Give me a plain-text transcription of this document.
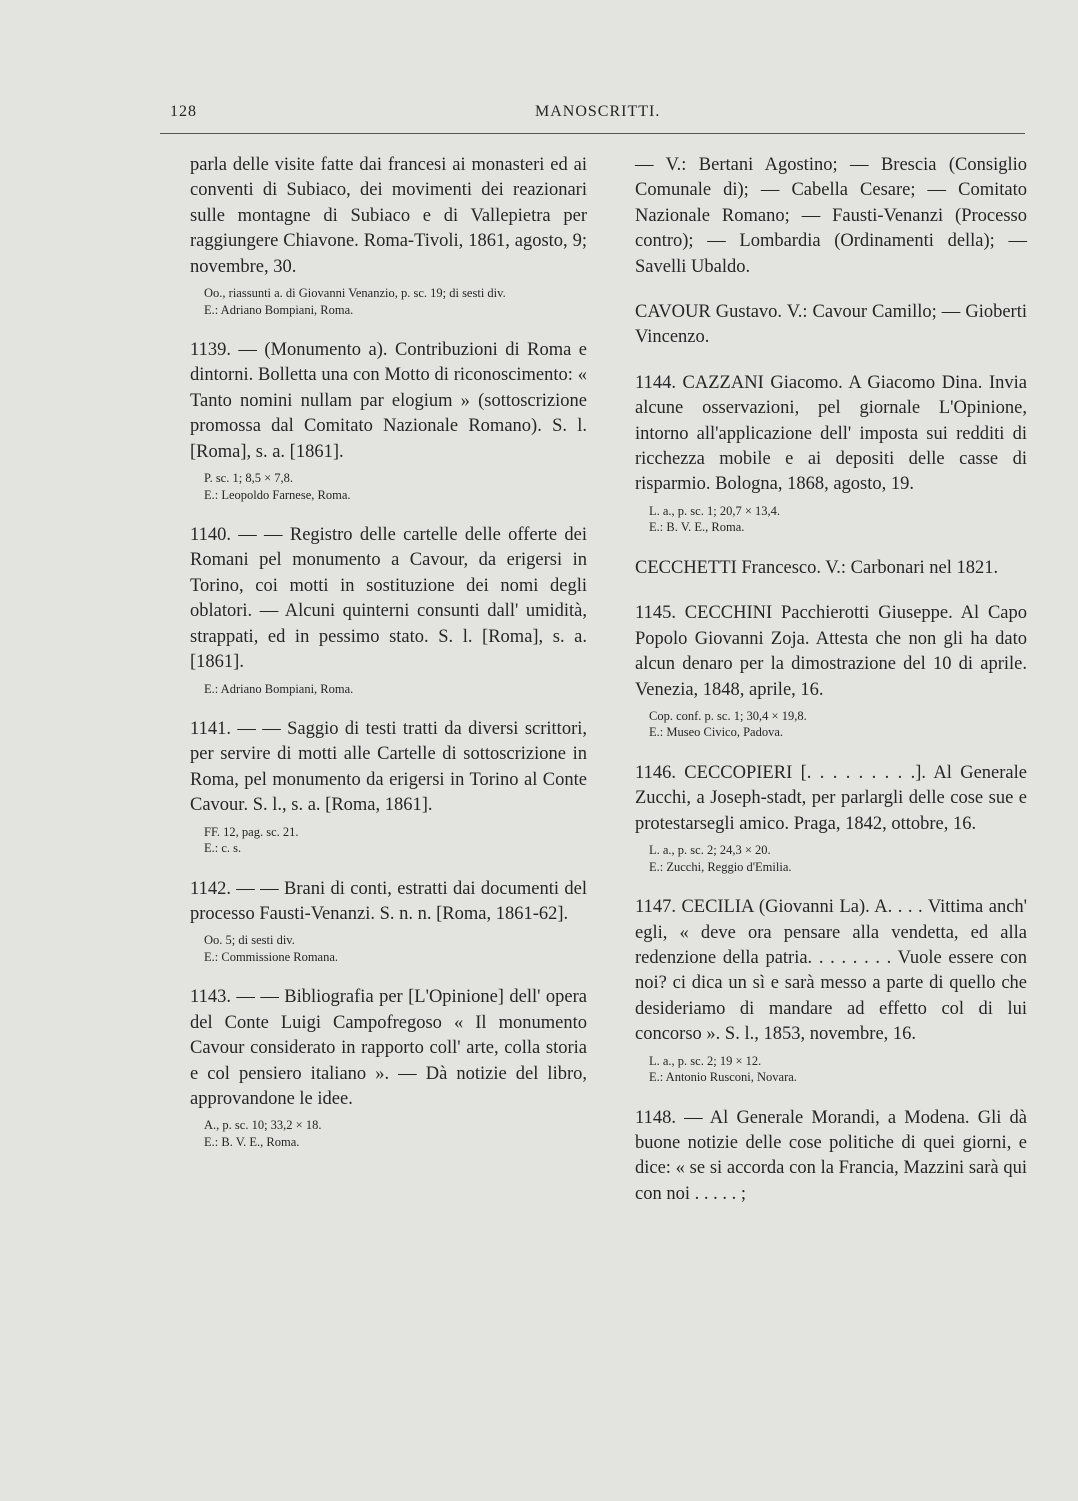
128	MANOSCRITTI.

parla delle visite fatte dai francesi ai monasteri ed ai conventi di Subiaco, dei movimenti dei reazionari sulle montagne di Subiaco e di Vallepietra per raggiungere Chiavone. Roma-Tivoli, 1861, agosto, 9; novembre, 30.

Oo., riassunti a. di Giovanni Venanzio, p. sc. 19; di sesti div.
E.: Adriano Bompiani, Roma.

1139. — (Monumento a). Contribuzioni di Roma e dintorni. Bolletta una con Motto di riconoscimento: « Tanto nomini nullam par elogium » (sottoscrizione promossa dal Comitato Nazionale Romano). S. l. [Roma], s. a. [1861].

P. sc. 1; 8,5 × 7,8.
E.: Leopoldo Farnese, Roma.

1140. — — Registro delle cartelle delle offerte dei Romani pel monumento a Cavour, da erigersi in Torino, coi motti in sostituzione dei nomi degli oblatori. — Alcuni quinterni consunti dall' umidità, strappati, ed in pessimo stato. S. l. [Roma], s. a. [1861].

E.: Adriano Bompiani, Roma.

1141. — — Saggio di testi tratti da diversi scrittori, per servire di motti alle Cartelle di sottoscrizione in Roma, pel monumento da erigersi in Torino al Conte Cavour. S. l., s. a. [Roma, 1861].

FF. 12, pag. sc. 21.
E.: c. s.

1142. — — Brani di conti, estratti dai documenti del processo Fausti-Venanzi. S. n. n. [Roma, 1861-62].

Oo. 5; di sesti div.
E.: Commissione Romana.

1143. — — Bibliografia per [L'Opinione] dell' opera del Conte Luigi Campofregoso « Il monumento Cavour considerato in rapporto coll' arte, colla storia e col pensiero italiano ». — Dà notizie del libro, approvandone le idee.

A., p. sc. 10; 33,2 × 18.
E.: B. V. E., Roma.

— V.: Bertani Agostino; — Brescia (Consiglio Comunale di); — Cabella Cesare; — Comitato Nazionale Romano; — Fausti-Venanzi (Processo contro); — Lombardia (Ordinamenti della); — Savelli Ubaldo.

CAVOUR Gustavo. V.: Cavour Camillo; — Gioberti Vincenzo.

1144. CAZZANI Giacomo. A Giacomo Dina. Invia alcune osservazioni, pel giornale L'Opinione, intorno all'applicazione dell' imposta sui redditi di ricchezza mobile e ai depositi delle casse di risparmio. Bologna, 1868, agosto, 19.

L. a., p. sc. 1; 20,7 × 13,4.
E.: B. V. E., Roma.

CECCHETTI Francesco. V.: Carbonari nel 1821.

1145. CECCHINI Pacchierotti Giuseppe. Al Capo Popolo Giovanni Zoja. Attesta che non gli ha dato alcun denaro per la dimostrazione del 10 di aprile. Venezia, 1848, aprile, 16.

Cop. conf. p. sc. 1; 30,4 × 19,8.
E.: Museo Civico, Padova.

1146. CECCOPIERI [. . . . . . . . .]. Al Generale Zucchi, a Joseph-stadt, per parlargli delle cose sue e protestarsegli amico. Praga, 1842, ottobre, 16.

L. a., p. sc. 2; 24,3 × 20.
E.: Zucchi, Reggio d'Emilia.

1147. CECILIA (Giovanni La). A. . . . Vittima anch' egli, « deve ora pensare alla vendetta, ed alla redenzione della patria. . . . . . . . Vuole essere con noi? ci dica un sì e sarà messo a parte di quello che desideriamo di mandare ad effetto col di lui concorso ». S. l., 1853, novembre, 16.

L. a., p. sc. 2; 19 × 12.
E.: Antonio Rusconi, Novara.

1148. — Al Generale Morandi, a Modena. Gli dà buone notizie delle cose politiche di quei giorni, e dice: « se si accorda con la Francia, Mazzini sarà qui con noi . . . . . ;
